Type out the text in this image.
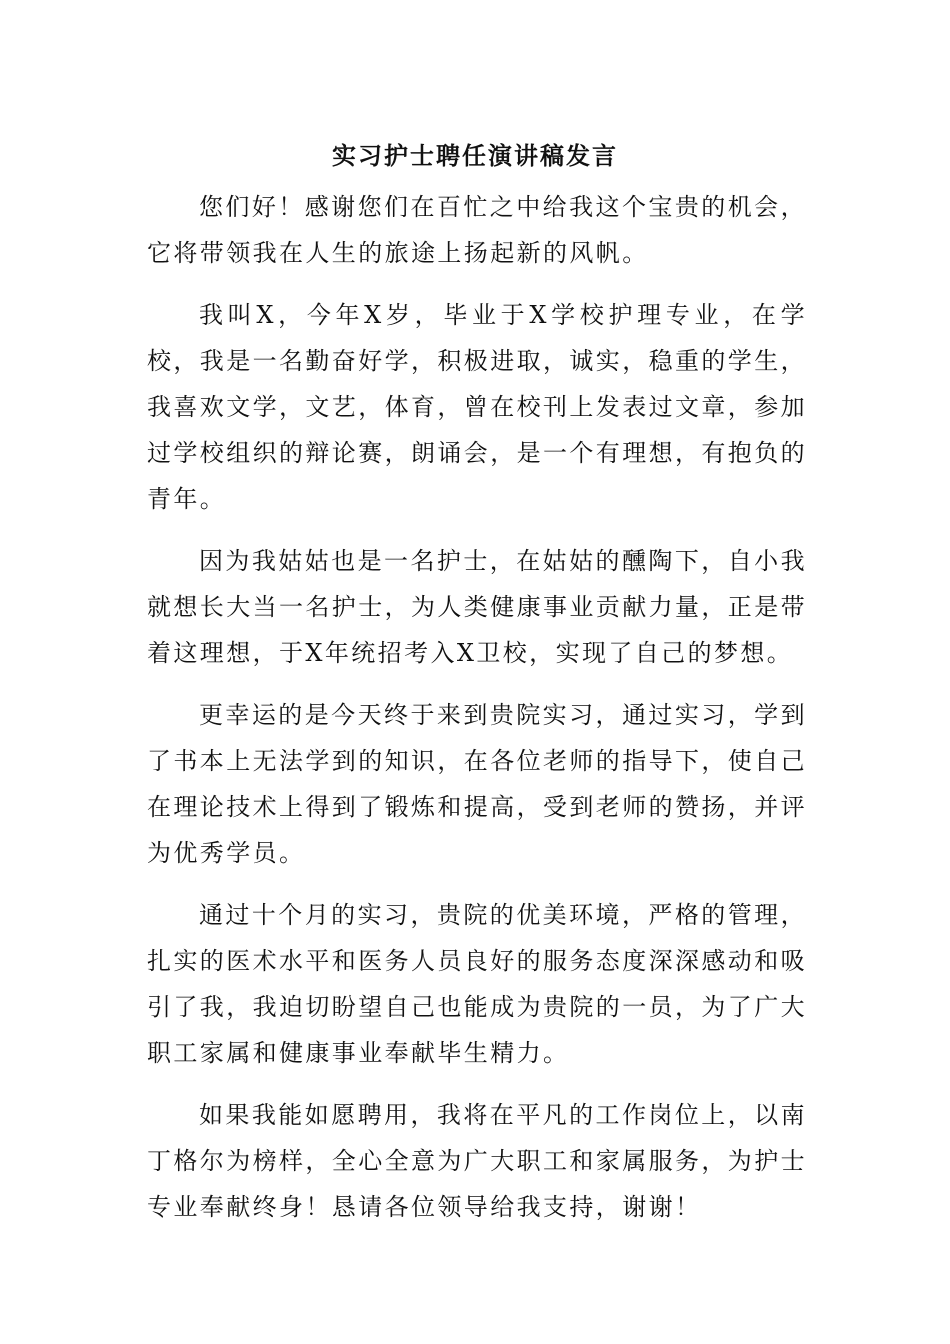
实习护士聘任演讲稿发言

您们好！感谢您们在百忙之中给我这个宝贵的机会，它将带领我在人生的旅途上扬起新的风帆。

我叫X，今年X岁，毕业于X学校护理专业，在学校，我是一名勤奋好学，积极进取，诚实，稳重的学生，我喜欢文学，文艺，体育，曾在校刊上发表过文章，参加过学校组织的辩论赛，朗诵会，是一个有理想，有抱负的青年。

因为我姑姑也是一名护士，在姑姑的醺陶下，自小我就想长大当一名护士，为人类健康事业贡献力量，正是带着这理想，于X年统招考入X卫校，实现了自己的梦想。

更幸运的是今天终于来到贵院实习，通过实习，学到了书本上无法学到的知识，在各位老师的指导下，使自己在理论技术上得到了锻炼和提高，受到老师的赞扬，并评为优秀学员。

通过十个月的实习，贵院的优美环境，严格的管理，扎实的医术水平和医务人员良好的服务态度深深感动和吸引了我，我迫切盼望自己也能成为贵院的一员，为了广大职工家属和健康事业奉献毕生精力。

如果我能如愿聘用，我将在平凡的工作岗位上，以南丁格尔为榜样，全心全意为广大职工和家属服务，为护士专业奉献终身！恳请各位领导给我支持，谢谢！
